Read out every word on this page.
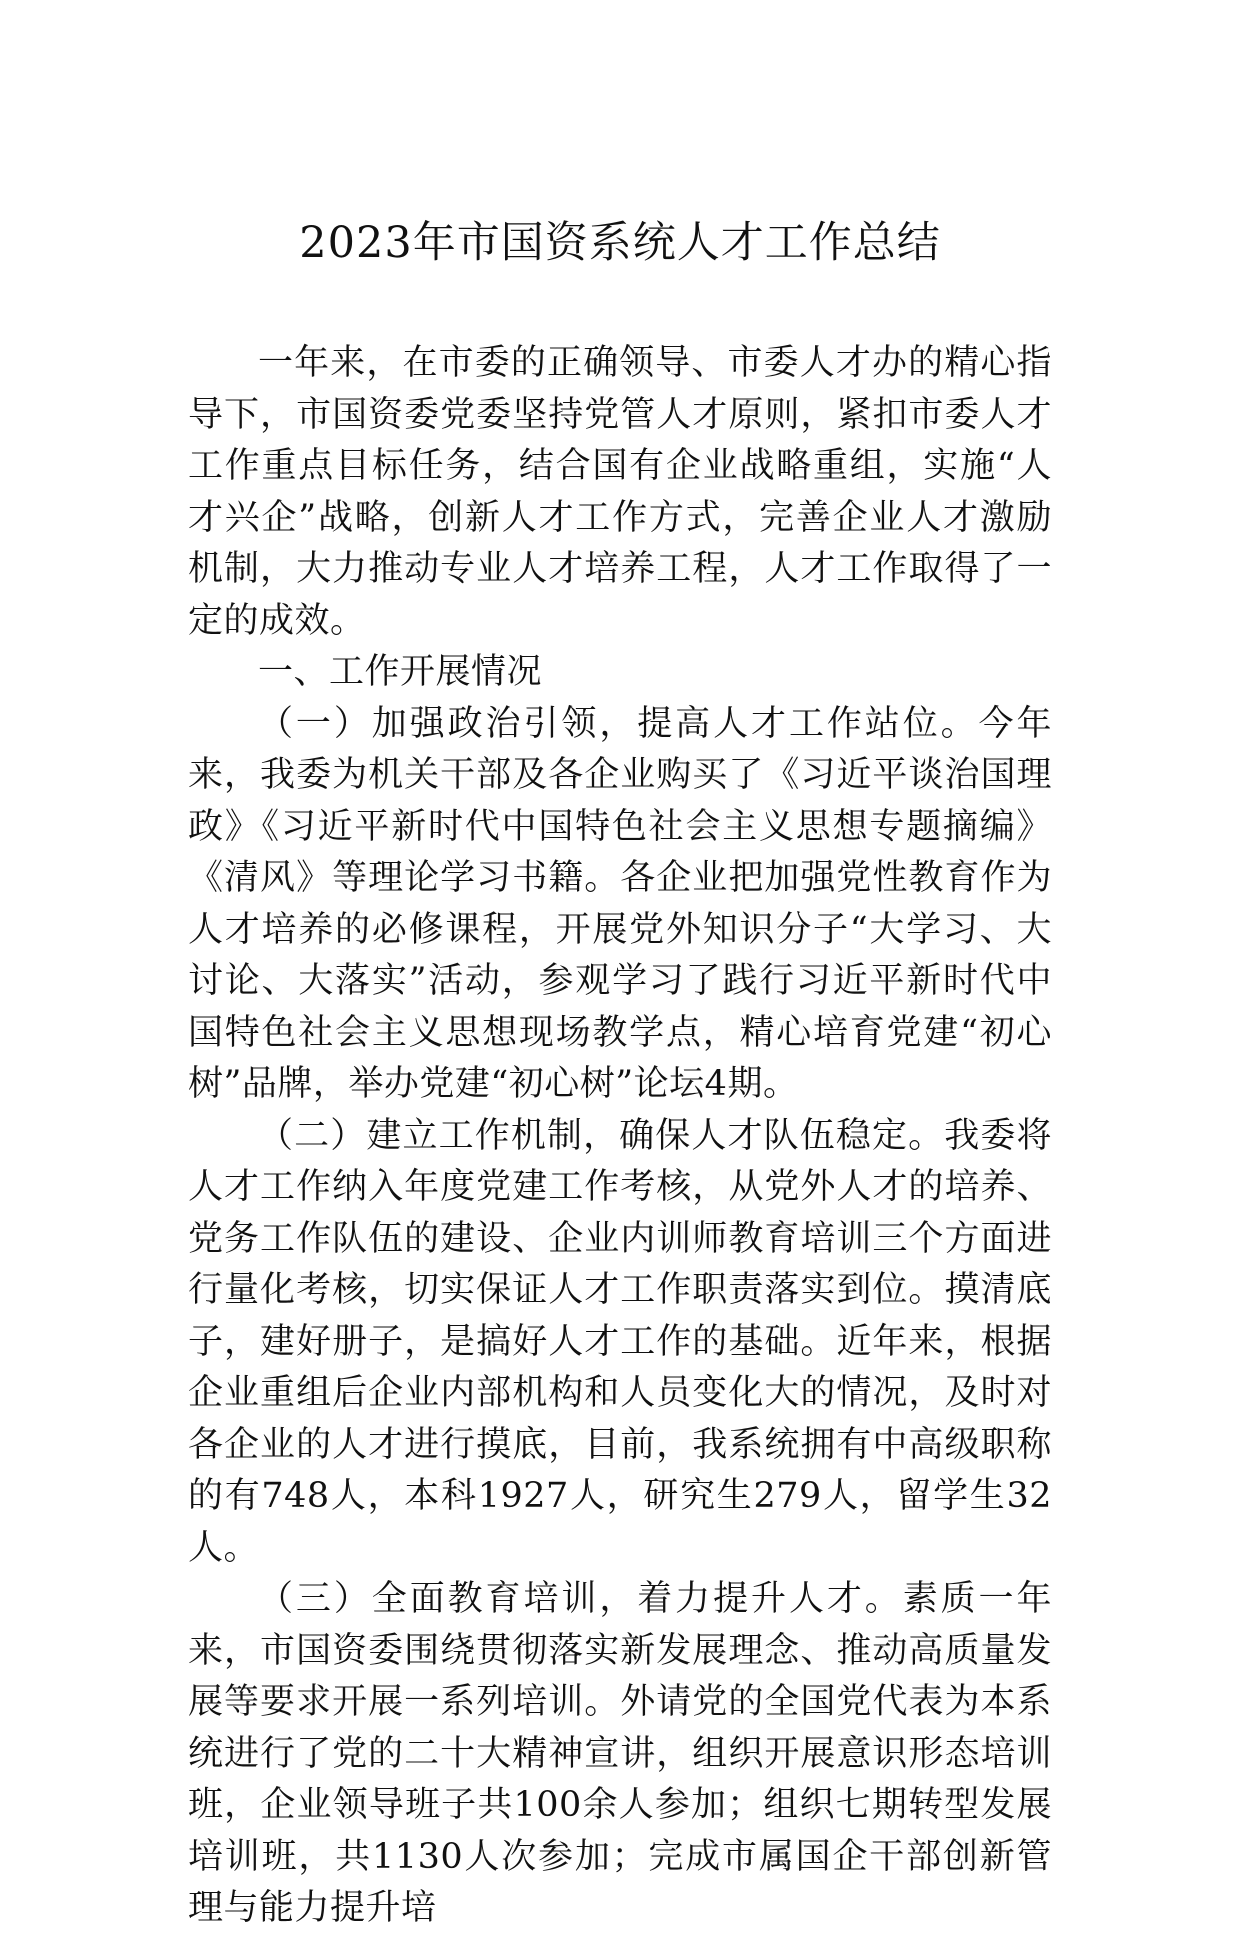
2023年市国资系统人才工作总结

一年来，在市委的正确领导、市委人才办的精心指导下，市国资委党委坚持党管人才原则，紧扣市委人才工作重点目标任务，结合国有企业战略重组，实施“人才兴企”战略，创新人才工作方式，完善企业人才激励机制，大力推动专业人才培养工程，人才工作取得了一定的成效。

一、工作开展情况

（一）加强政治引领，提高人才工作站位。今年来，我委为机关干部及各企业购买了《习近平谈治国理政》《习近平新时代中国特色社会主义思想专题摘编》《清风》等理论学习书籍。各企业把加强党性教育作为人才培养的必修课程，开展党外知识分子“大学习、大讨论、大落实”活动，参观学习了践行习近平新时代中国特色社会主义思想现场教学点，精心培育党建“初心树”品牌，举办党建“初心树”论坛4期。

（二）建立工作机制，确保人才队伍稳定。我委将人才工作纳入年度党建工作考核，从党外人才的培养、党务工作队伍的建设、企业内训师教育培训三个方面进行量化考核，切实保证人才工作职责落实到位。摸清底子，建好册子，是搞好人才工作的基础。近年来，根据企业重组后企业内部机构和人员变化大的情况，及时对各企业的人才进行摸底，目前，我系统拥有中高级职称的有748人，本科1927人，研究生279人，留学生32人。

（三）全面教育培训，着力提升人才。素质一年来，市国资委围绕贯彻落实新发展理念、推动高质量发展等要求开展一系列培训。外请党的全国党代表为本系统进行了党的二十大精神宣讲，组织开展意识形态培训班，企业领导班子共100余人参加；组织七期转型发展培训班，共1130人次参加；完成市属国企干部创新管理与能力提升培
